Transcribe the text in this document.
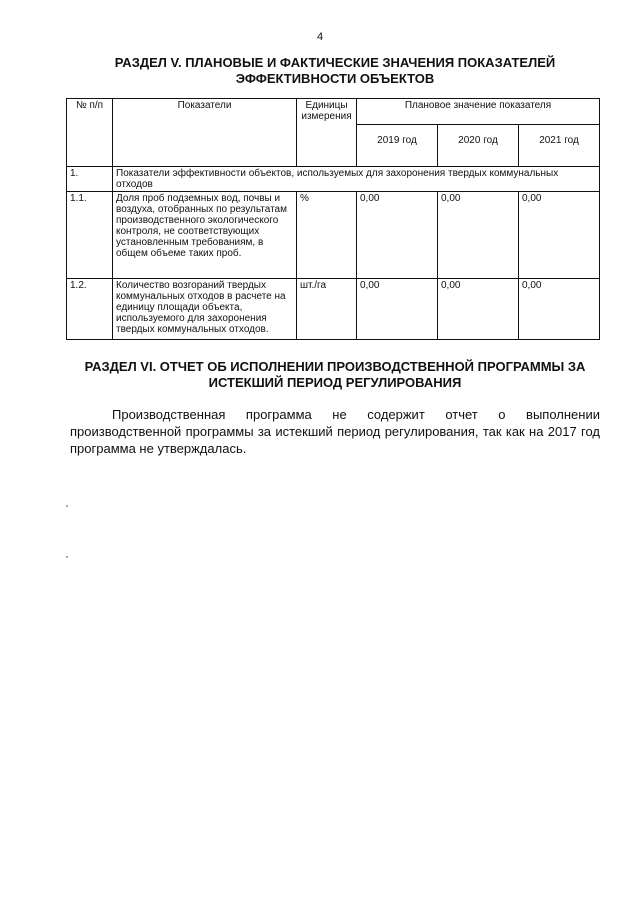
4
РАЗДЕЛ V. ПЛАНОВЫЕ И ФАКТИЧЕСКИЕ ЗНАЧЕНИЯ ПОКАЗАТЕЛЕЙ ЭФФЕКТИВНОСТИ ОБЪЕКТОВ
№ п/п	Показатели	Единицы измерения	Плановое значение показателя		
			2019 год	2020 год	2021 год
1.	Показатели эффективности объектов, используемых для захоронения твердых коммунальных отходов				
1.1.	Доля проб подземных вод, почвы и воздуха, отобранных по результатам производственного экологического контроля, не соответствующих установленным требованиям, в общем объеме таких проб.	%	0,00	0,00	0,00
1.2.	Количество возгораний твердых коммунальных отходов в расчете на единицу площади объекта, используемого для захоронения твердых коммунальных отходов.	шт./га	0,00	0,00	0,00
РАЗДЕЛ VI. ОТЧЕТ ОБ ИСПОЛНЕНИИ ПРОИЗВОДСТВЕННОЙ ПРОГРАММЫ ЗА ИСТЕКШИЙ ПЕРИОД РЕГУЛИРОВАНИЯ
Производственная программа не содержит отчет о выполнении производственной программы за истекший период регулирования, так как на 2017 год программа не утверждалась.
